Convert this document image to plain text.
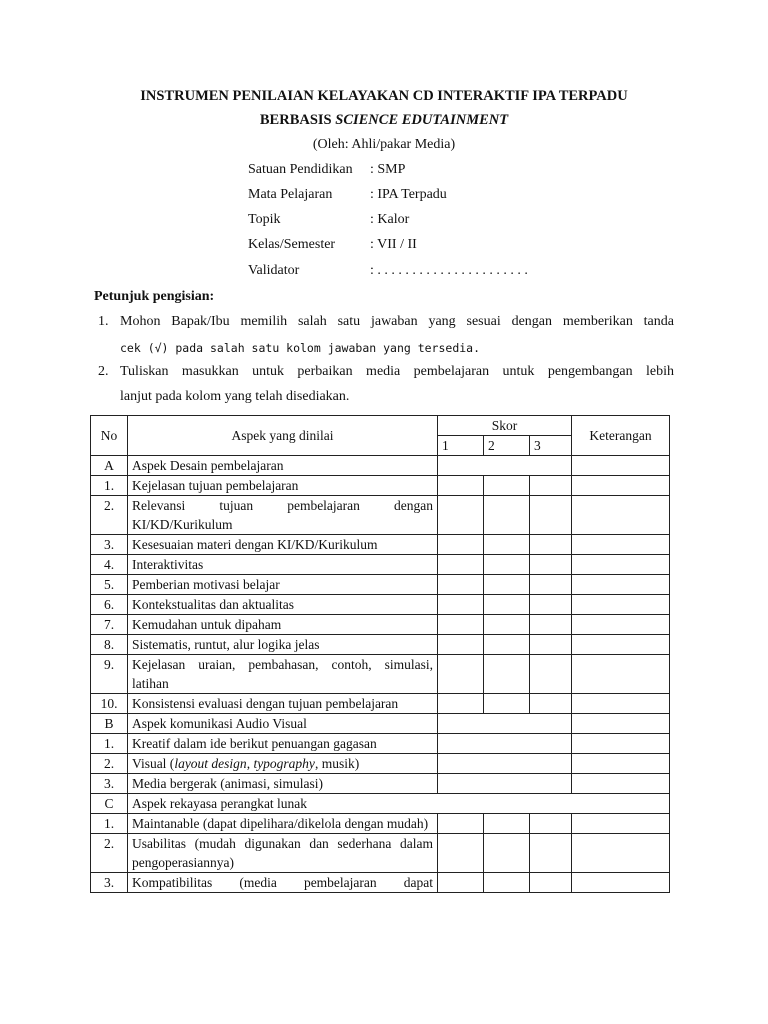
INSTRUMEN PENILAIAN KELAYAKAN CD INTERAKTIF IPA TERPADU
BERBASIS SCIENCE EDUTAINMENT
(Oleh: Ahli/pakar Media)
Satuan Pendidikan : SMP
Mata Pelajaran	: IPA Terpadu
Topik	: Kalor
Kelas/Semester : VII / II
Validator	: . . . . . . . . . . . . . . . . . . . . . .
Petunjuk pengisian:
1. Mohon Bapak/Ibu memilih salah satu jawaban yang sesuai dengan memberikan tanda
cek (√) pada salah satu kolom jawaban yang tersedia.
2. Tuliskan masukkan untuk perbaikan media pembelajaran untuk pengembangan lebih
lanjut pada kolom yang telah disediakan.
No	Aspek yang dinilai	Skor			Keterangan
		1	2	3	
A	Aspek Desain pembelajaran				
1.	Kejelasan tujuan pembelajaran				
2.	Relevansi tujuan pembelajaran dengan KI/KD/Kurikulum				
3.	Kesesuaian materi dengan KI/KD/Kurikulum				
4.	Interaktivitas				
5.	Pemberian motivasi belajar				
6.	Kontekstualitas dan aktualitas				
7.	Kemudahan untuk dipaham				
8.	Sistematis, runtut, alur logika jelas				
9.	Kejelasan uraian, pembahasan, contoh, simulasi, latihan				
10.	Konsistensi evaluasi dengan tujuan pembelajaran				
B	Aspek komunikasi Audio Visual				
1.	Kreatif dalam ide berikut penuangan gagasan				
2.	Visual (layout design, typography, musik)				
3.	Media bergerak (animasi, simulasi)				
C	Aspek rekayasa perangkat lunak				
1.	Maintanable (dapat dipelihara/dikelola dengan mudah)				
2.	Usabilitas (mudah digunakan dan sederhana dalam pengoperasiannya)				
3.	Kompatibilitas (media pembelajaran dapat				
